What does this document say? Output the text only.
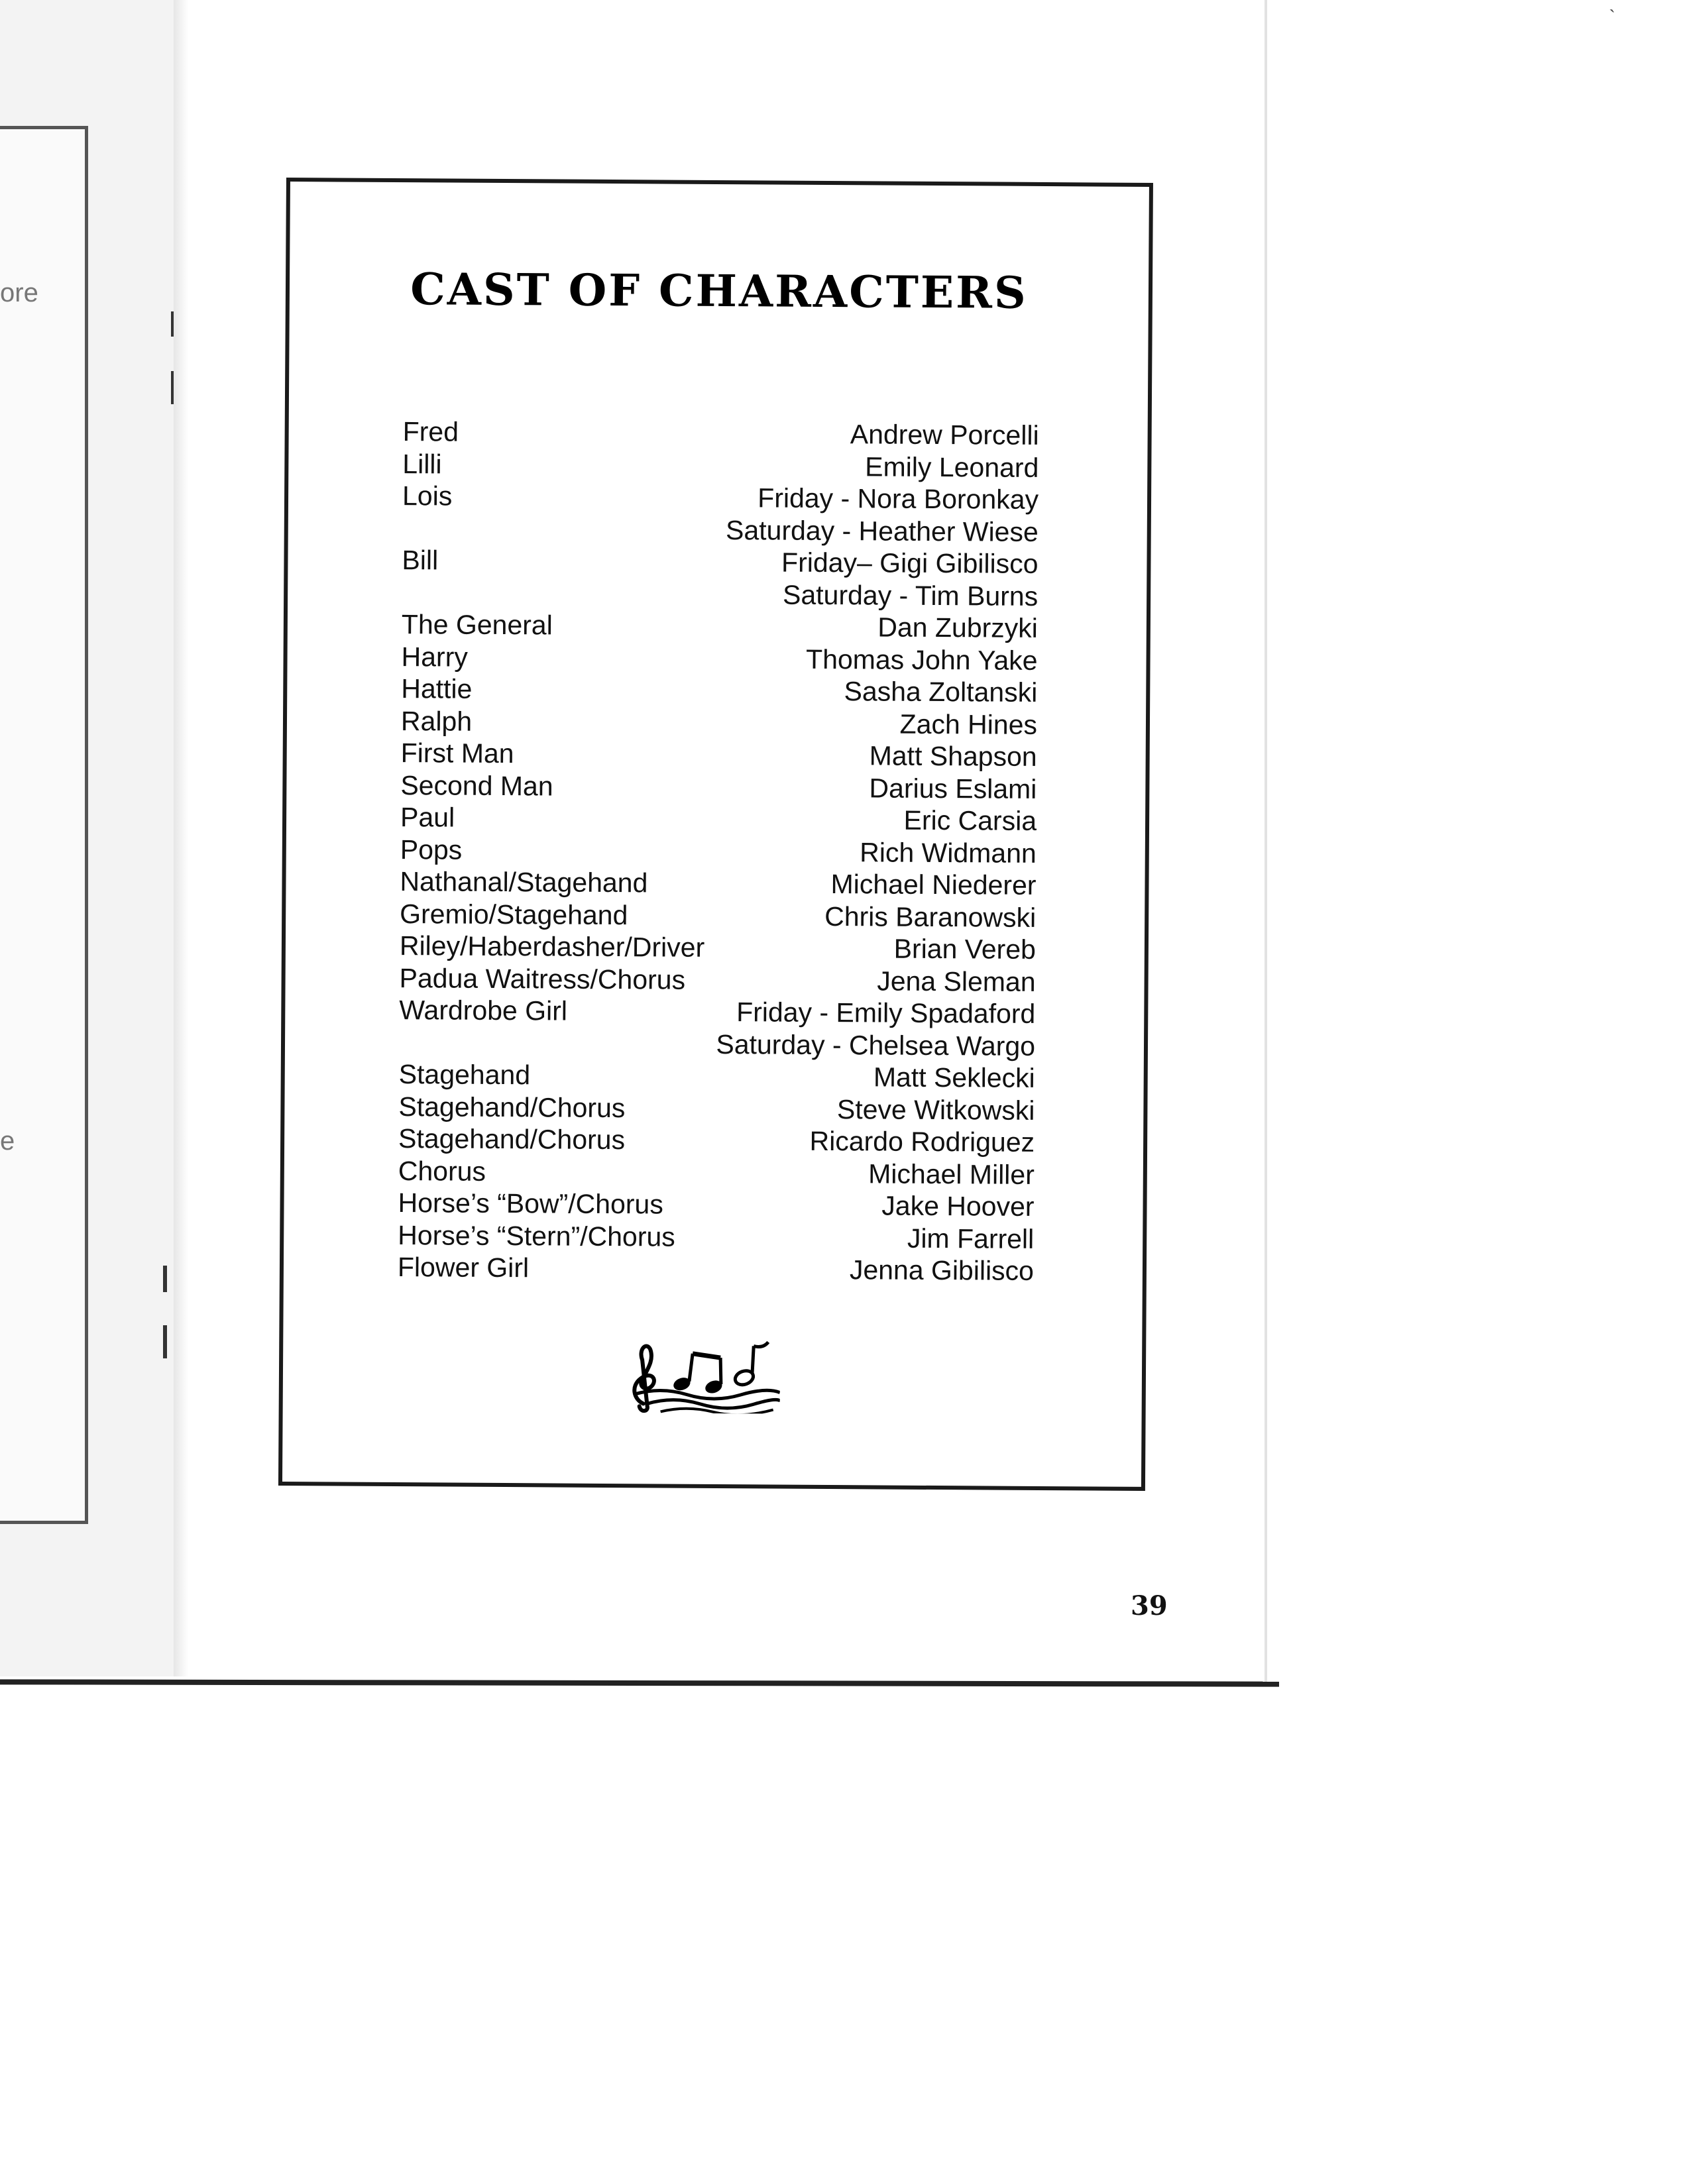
ore
e
`
CAST OF CHARACTERS
Fred	Andrew Porcelli
Lilli	Emily Leonard
Lois	Friday - Nora Boronkay
Saturday - Heather Wiese
Bill	Friday– Gigi Gibilisco
Saturday - Tim Burns
The General	Dan Zubrzyki
Harry	Thomas John Yake
Hattie	Sasha Zoltanski
Ralph	Zach Hines
First Man	Matt Shapson
Second Man	Darius Eslami
Paul	Eric Carsia
Pops	Rich Widmann
Nathanal/Stagehand	Michael Niederer
Gremio/Stagehand	Chris Baranowski
Riley/Haberdasher/Driver	Brian Vereb
Padua Waitress/Chorus	Jena Sleman
Wardrobe Girl	Friday - Emily Spadaford
Saturday - Chelsea Wargo
Stagehand	Matt Seklecki
Stagehand/Chorus	Steve Witkowski
Stagehand/Chorus	Ricardo Rodriguez
Chorus	Michael Miller
Horse’s “Bow”/Chorus	Jake Hoover
Horse’s “Stern”/Chorus	Jim Farrell
Flower Girl	Jenna Gibilisco
39
